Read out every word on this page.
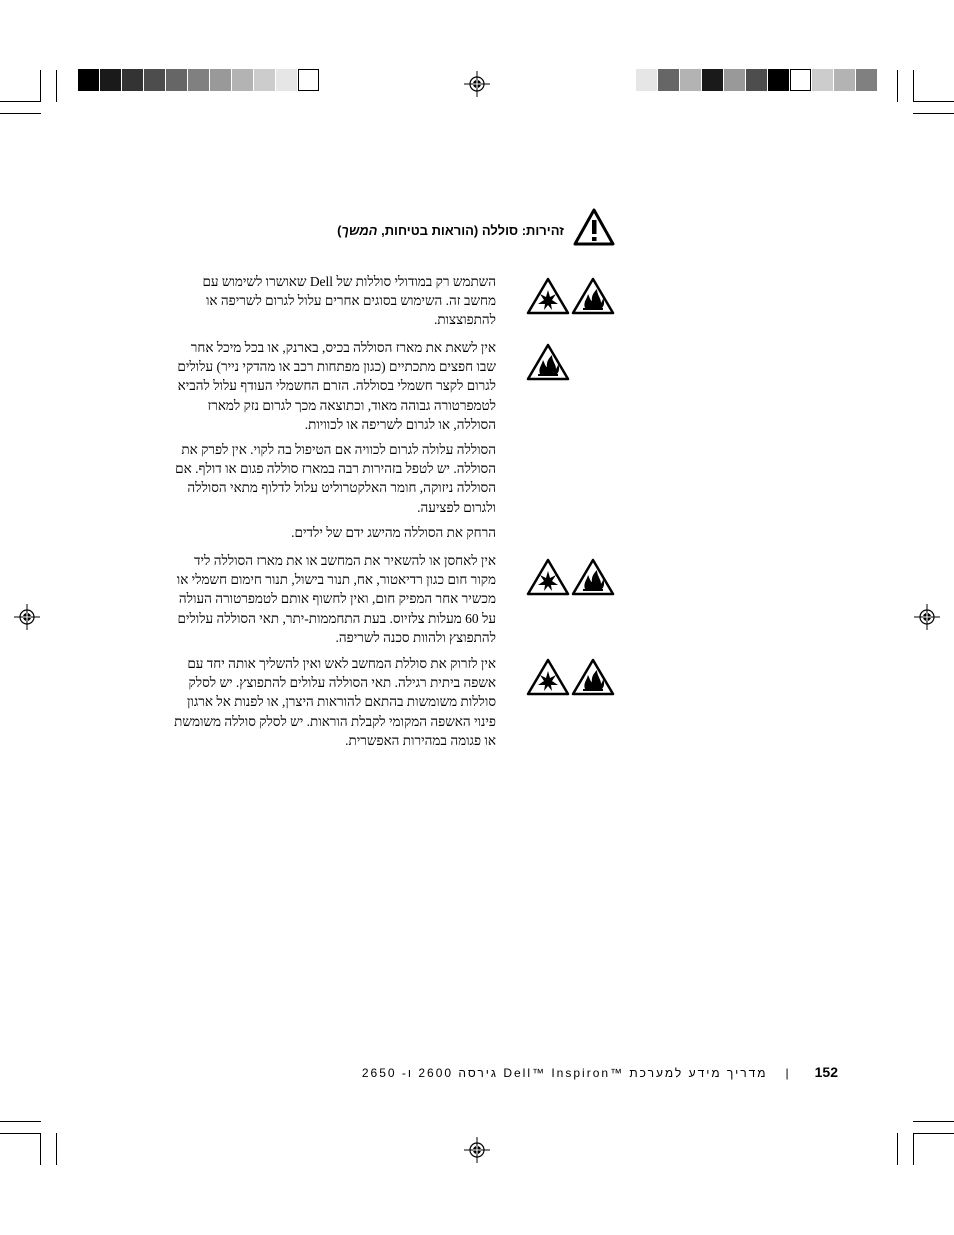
זהירות: סוללה (הוראות בטיחות, המשך)
השתמש רק במודולי סוללות של Dell שאושרו לשימוש עם
מחשב זה. השימוש בסוגים אחרים עלול לגרום לשריפה או
להתפוצצות.
אין לשאת את מארז הסוללה בכיס, בארנק, או בכל מיכל אחר
שבו חפצים מתכתיים (כגון מפתחות רכב או מהדקי נייר) עלולים
לגרום לקצר חשמלי בסוללה. הזרם החשמלי העודף עלול להביא
לטמפרטורה גבוהה מאוד, וכתוצאה מכך לגרום נזק למארז
הסוללה, או לגרום לשריפה או לכוויות.
הסוללה עלולה לגרום לכוויה אם הטיפול בה לקוי. אין לפרק את
הסוללה. יש לטפל בזהירות רבה במארז סוללה פגום או דולף. אם
הסוללה ניזוקה, חומר האלקטרוליט עלול לדלוף מתאי הסוללה
ולגרום לפציעה.
הרחק את הסוללה מהישג ידם של ילדים.
אין לאחסן או להשאיר את המחשב או את מארז הסוללה ליד
מקור חום כגון רדיאטור, אח, תנור בישול, תנור חימום חשמלי או
מכשיר אחר המפיק חום, ואין לחשוף אותם לטמפרטורה העולה
על 60 מעלות צלזיוס. בעת התחממות-יתר, תאי הסוללה עלולים
להתפוצץ ולהוות סכנה לשריפה.
אין לזרוק את סוללת המחשב לאש ואין להשליך אותה יחד עם
אשפה ביתית רגילה. תאי הסוללה עלולים להתפוצץ. יש לסלק
סוללות משומשות בהתאם להוראות היצרן, או לפנות אל ארגון
פינוי האשפה המקומי לקבלת הוראות. יש לסלק סוללה משומשת
או פגומה במהירות האפשרית.
מדריך מידע למערכת ™Dell™ Inspiron גירסה 2600 ו- 2650 | 152
